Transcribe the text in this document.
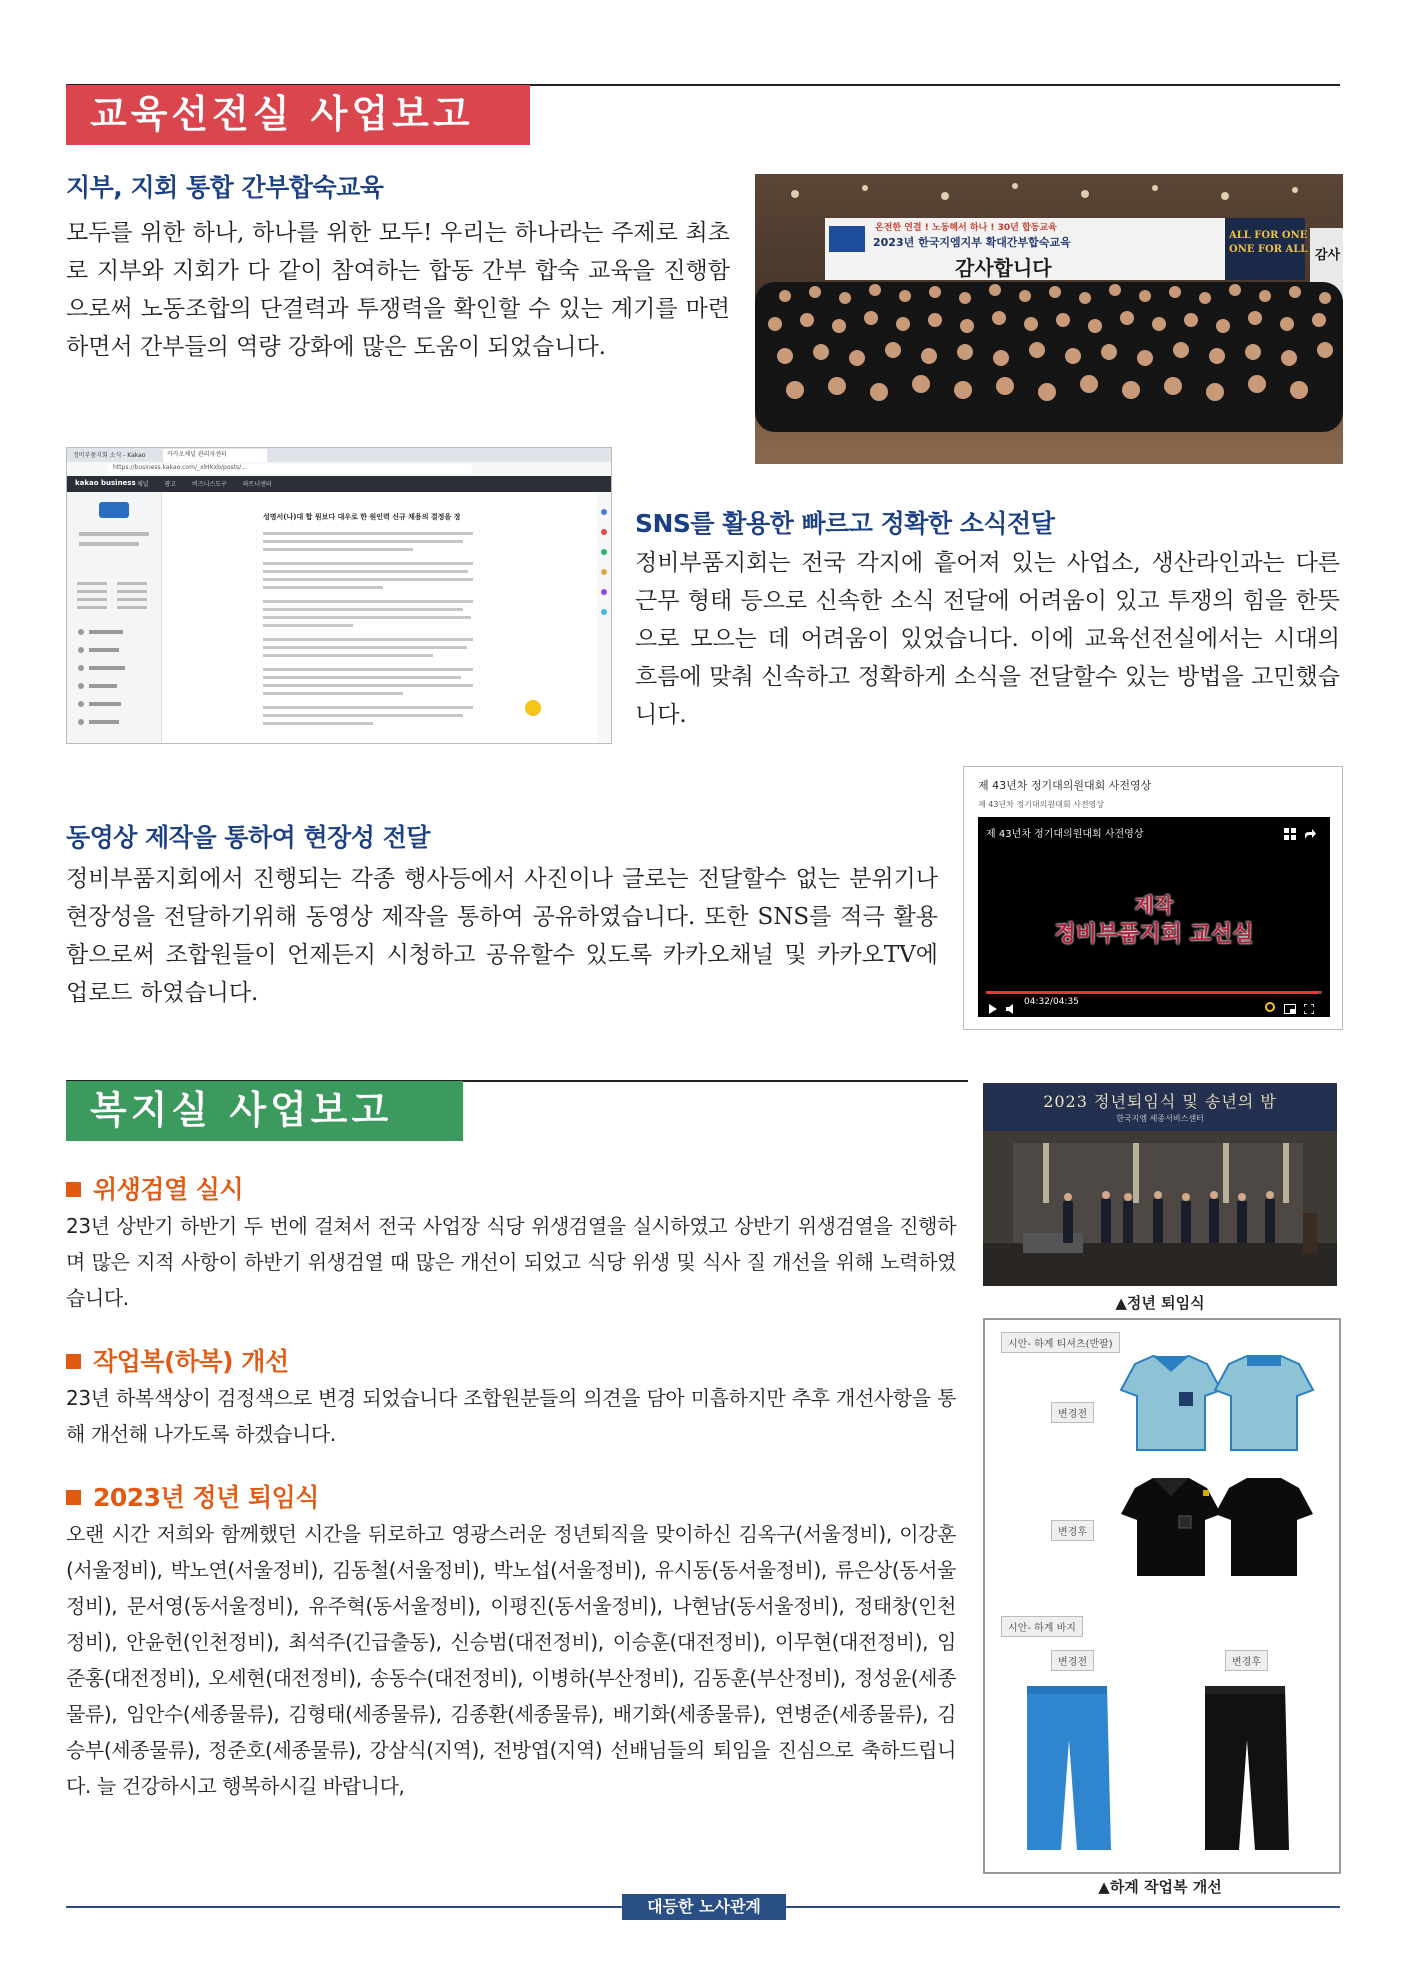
교육선전실 사업보고
지부, 지회 통합 간부합숙교육
모두를 위한 하나, 하나를 위한 모두! 우리는 하나라는 주제로 최초로 지부와 지회가 다 같이 참여하는 합동 간부 합숙 교육을 진행함으로써 노동조합의 단결력과 투쟁력을 확인할 수 있는 계기를 마련하면서 간부들의 역량 강화에 많은 도움이 되었습니다.
온전한 연결 ! 노동해서 하나 ! 30년 합동교육
2023년 한국지엠지부 확대간부합숙교육
감사합니다
ALL FOR ONE
ONE FOR ALL 감사
정비부품지회 소식 - Kakao	카카오채널 관리자센터
https://business.kakao.com/_xlHKxb/posts/…
kakao business 채널	광고	비즈니스도구	파트너센터
성명서(나)대 합 원보다 대우로 한 원인력 신규 채용의 결정을 정	SNS를 활용한 빠르고 정확한 소식전달
정비부품지회는 전국 각지에 흩어져 있는 사업소, 생산라인과는 다른 근무 형태 등으로 신속한 소식 전달에 어려움이 있고 투쟁의 힘을 한뜻으로 모으는 데 어려움이 있었습니다. 이에 교육선전실에서는 시대의 흐름에 맞춰 신속하고 정확하게 소식을 전달할수 있는 방법을 고민했습니다.
제 43년차 정기대의원대회 사전영상
제 43년차 정기대의원대회 사전영상
제 43년차 정기대의원대회 사전영상
제작
정비부품지회 교선실
04:32/04:35
동영상 제작을 통하여 현장성 전달
정비부품지회에서 진행되는 각종 행사등에서 사진이나 글로는 전달할수 없는 분위기나 현장성을 전달하기위해 동영상 제작을 통하여 공유하였습니다. 또한 SNS를 적극 활용함으로써 조합원들이 언제든지 시청하고 공유할수 있도록 카카오채널 및 카카오TV에 업로드 하였습니다.
복지실 사업보고
위생검열 실시
23년 상반기 하반기 두 번에 걸쳐서 전국 사업장 식당 위생검열을 실시하였고 상반기 위생검열을 진행하며 많은 지적 사항이 하반기 위생검열 때 많은 개선이 되었고 식당 위생 및 식사 질 개선을 위해 노력하였습니다.
작업복(하복) 개선
23년 하복색상이 검정색으로 변경 되었습니다 조합원분들의 의견을 담아 미흡하지만 추후 개선사항을 통해 개선해 나가도록 하겠습니다.
2023년 정년 퇴임식
오랜 시간 저희와 함께했던 시간을 뒤로하고 영광스러운 정년퇴직을 맞이하신 김옥구(서울정비), 이강훈(서울정비), 박노연(서울정비), 김동철(서울정비), 박노섭(서울정비), 유시동(동서울정비), 류은상(동서울정비), 문서영(동서울정비), 유주혁(동서울정비), 이평진(동서울정비), 나현남(동서울정비), 정태창(인천정비), 안윤헌(인천정비), 최석주(긴급출동), 신승범(대전정비), 이승훈(대전정비), 이무현(대전정비), 임준홍(대전정비), 오세현(대전정비), 송동수(대전정비), 이병하(부산정비), 김동훈(부산정비), 정성윤(세종물류), 임안수(세종물류), 김형태(세종물류), 김종환(세종물류), 배기화(세종물류), 연병준(세종물류), 김승부(세종물류), 정준호(세종물류), 강삼식(지역), 전방엽(지역) 선배님들의 퇴임을 진심으로 축하드립니다. 늘 건강하시고 행복하시길 바랍니다,
2023 정년퇴임식 및 송년의 밤
한국지엠 세종서비스센터
▲정년 퇴임식
시안- 하계 티셔츠(반팔)
변경전
변경후
시안- 하계 바지
변경전	변경후
▲하계 작업복 개선
대등한 노사관계
